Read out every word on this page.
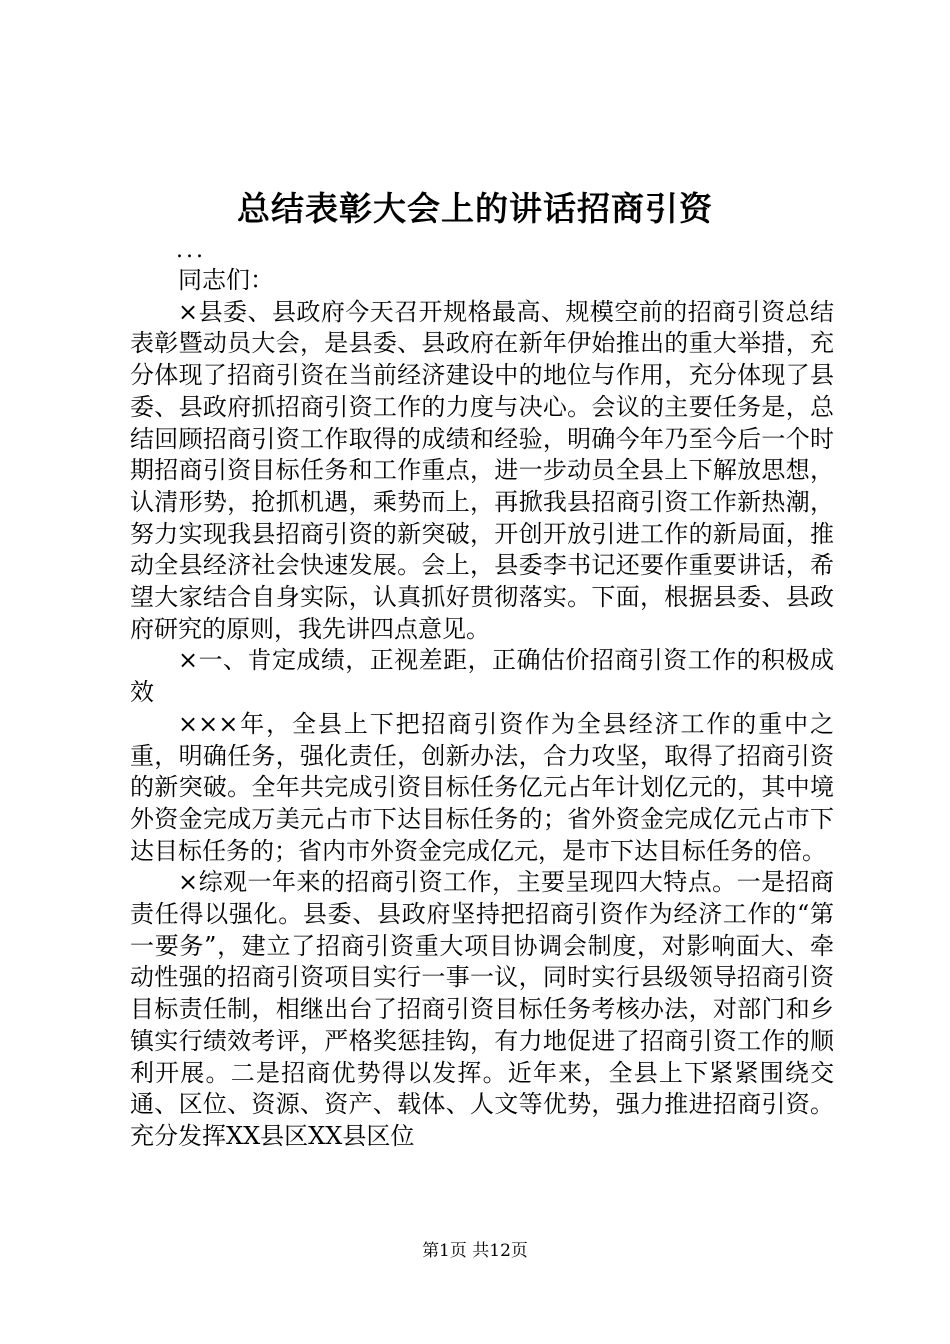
总结表彰大会上的讲话招商引资
...

同志们：

×县委、县政府今天召开规格最高、规模空前的招商引资总结表彰暨动员大会，是县委、县政府在新年伊始推出的重大举措，充分体现了招商引资在当前经济建设中的地位与作用，充分体现了县委、县政府抓招商引资工作的力度与决心。会议的主要任务是，总结回顾招商引资工作取得的成绩和经验，明确今年乃至今后一个时期招商引资目标任务和工作重点，进一步动员全县上下解放思想，认清形势，抢抓机遇，乘势而上，再掀我县招商引资工作新热潮，努力实现我县招商引资的新突破，开创开放引进工作的新局面，推动全县经济社会快速发展。会上，县委李书记还要作重要讲话，希望大家结合自身实际，认真抓好贯彻落实。下面，根据县委、县政府研究的原则，我先讲四点意见。

×一、肯定成绩，正视差距，正确估价招商引资工作的积极成效

×××年，全县上下把招商引资作为全县经济工作的重中之重，明确任务，强化责任，创新办法，合力攻坚，取得了招商引资的新突破。全年共完成引资目标任务亿元占年计划亿元的，其中境外资金完成万美元占市下达目标任务的；省外资金完成亿元占市下达目标任务的；省内市外资金完成亿元，是市下达目标任务的倍。

×综观一年来的招商引资工作，主要呈现四大特点。一是招商责任得以强化。县委、县政府坚持把招商引资作为经济工作的“第一要务”，建立了招商引资重大项目协调会制度，对影响面大、牵动性强的招商引资项目实行一事一议，同时实行县级领导招商引资目标责任制，相继出台了招商引资目标任务考核办法，对部门和乡镇实行绩效考评，严格奖惩挂钩，有力地促进了招商引资工作的顺利开展。二是招商优势得以发挥。近年来，全县上下紧紧围绕交通、区位、资源、资产、载体、人文等优势，强力推进招商引资。充分发挥XX县区XX县区位

第1页 共12页
